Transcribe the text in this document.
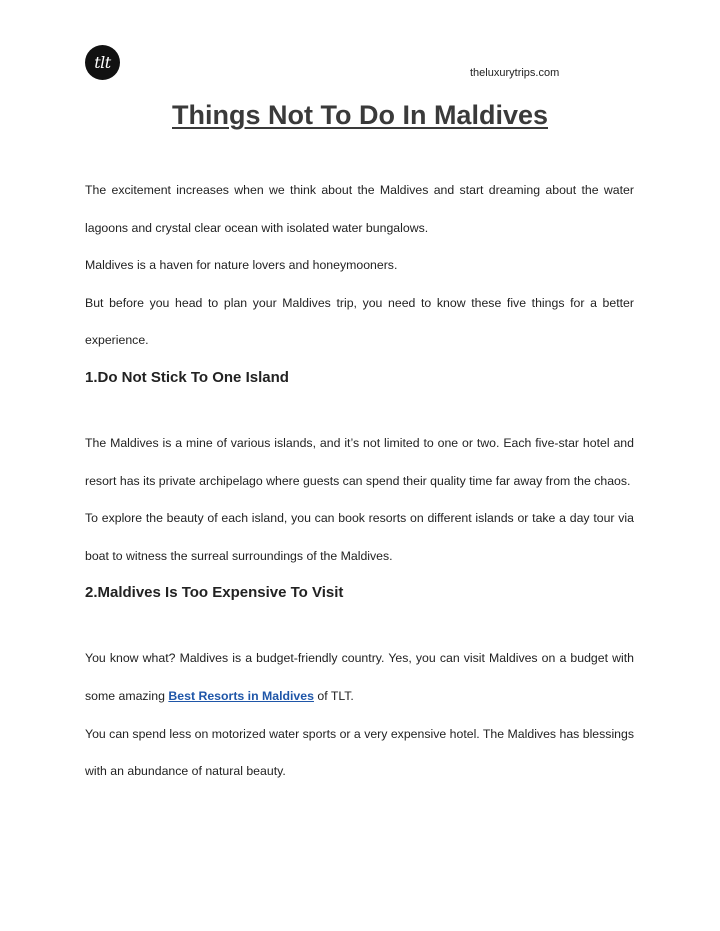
tlt
theluxurytrips.com
Things Not To Do In Maldives

The excitement increases when we think about the Maldives and start dreaming about the water lagoons and crystal clear ocean with isolated water bungalows.

Maldives is a haven for nature lovers and honeymooners.

But before you head to plan your Maldives trip, you need to know these five things for a better experience.

1.Do Not Stick To One Island

The Maldives is a mine of various islands, and it’s not limited to one or two. Each five-star hotel and resort has its private archipelago where guests can spend their quality time far away from the chaos.

To explore the beauty of each island, you can book resorts on different islands or take a day tour via boat to witness the surreal surroundings of the Maldives.

2.Maldives Is Too Expensive To Visit

You know what? Maldives is a budget-friendly country. Yes, you can visit Maldives on a budget with some amazing Best Resorts in Maldives of TLT.

You can spend less on motorized water sports or a very expensive hotel. The Maldives has blessings with an abundance of natural beauty.
